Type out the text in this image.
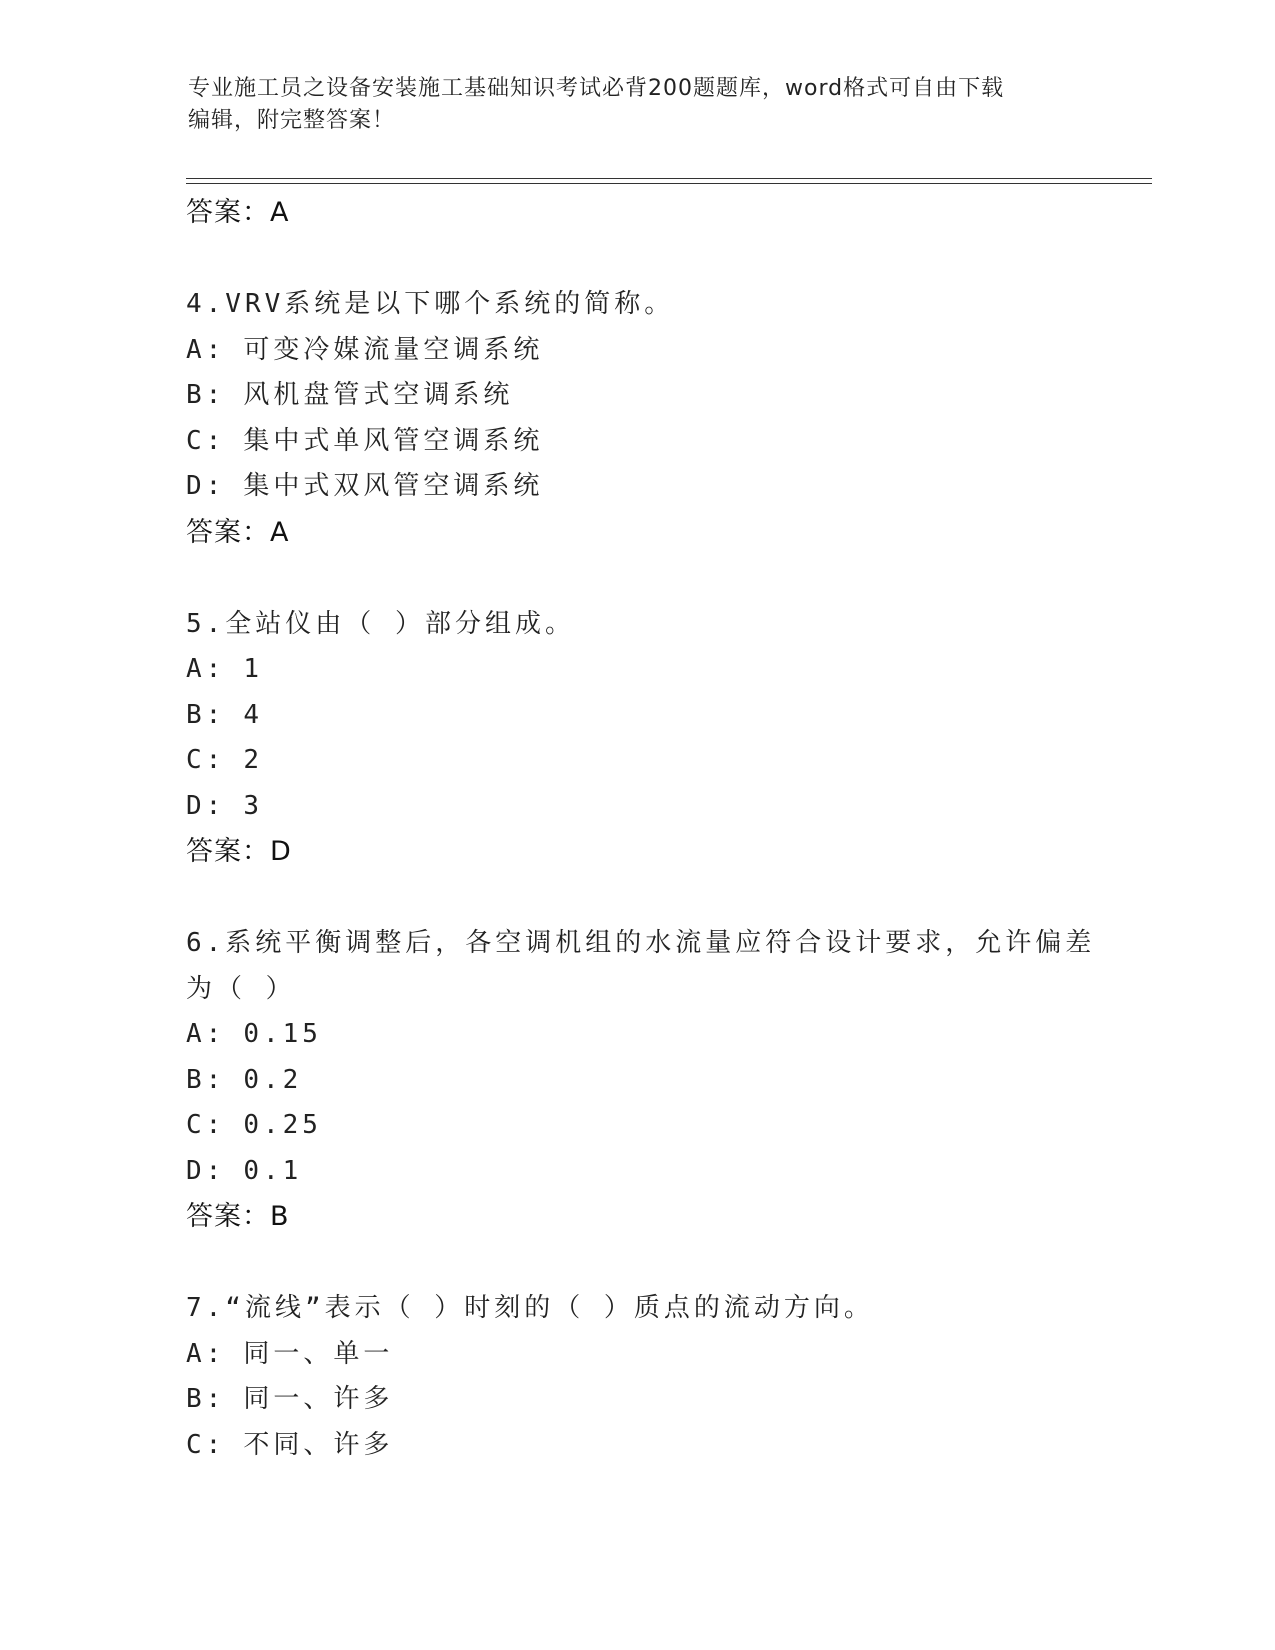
专业施工员之设备安装施工基础知识考试必背200题题库，word格式可自由下载
编辑，附完整答案！
答案：A
4.VRV系统是以下哪个系统的简称。
A: 可变冷媒流量空调系统
B: 风机盘管式空调系统
C: 集中式单风管空调系统
D: 集中式双风管空调系统
答案：A
5.全站仪由（ ）部分组成。
A: 1
B: 4
C: 2
D: 3
答案：D
6.系统平衡调整后，各空调机组的水流量应符合设计要求，允许偏差
为（ ）
A: 0.15
B: 0.2
C: 0.25
D: 0.1
答案：B
7.“流线”表示（ ）时刻的（ ）质点的流动方向。
A: 同一、单一
B: 同一、许多
C: 不同、许多
